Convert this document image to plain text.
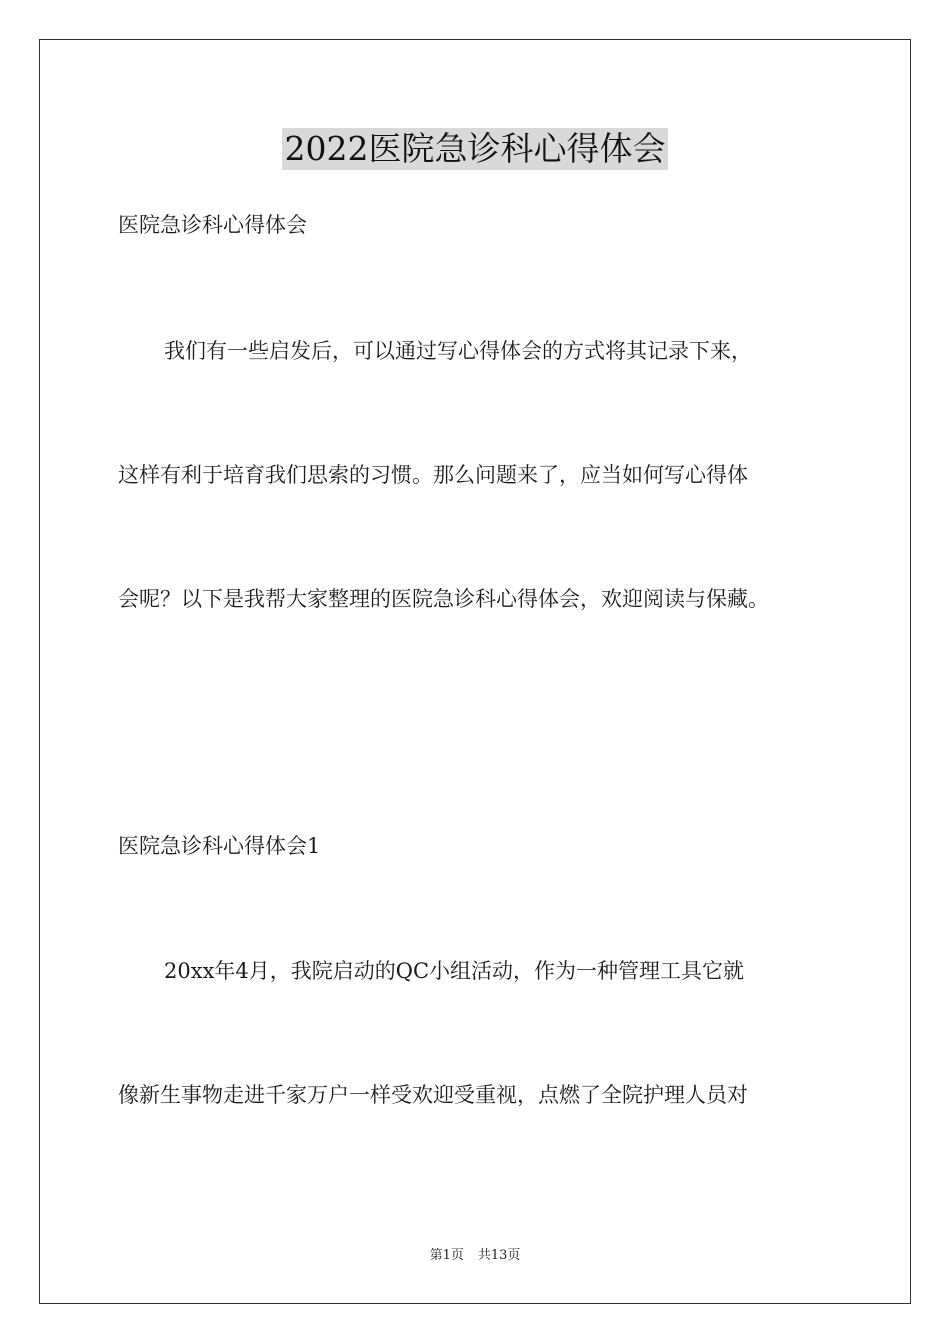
2022医院急诊科心得体会
医院急诊科心得体会
我们有一些启发后，可以通过写心得体会的方式将其记录下来，
这样有利于培育我们思索的习惯。那么问题来了，应当如何写心得体
会呢？以下是我帮大家整理的医院急诊科心得体会，欢迎阅读与保藏。
医院急诊科心得体会1
20xx年4月，我院启动的QC小组活动，作为一种管理工具它就
像新生事物走进千家万户一样受欢迎受重视，点燃了全院护理人员对
第1页 共13页
